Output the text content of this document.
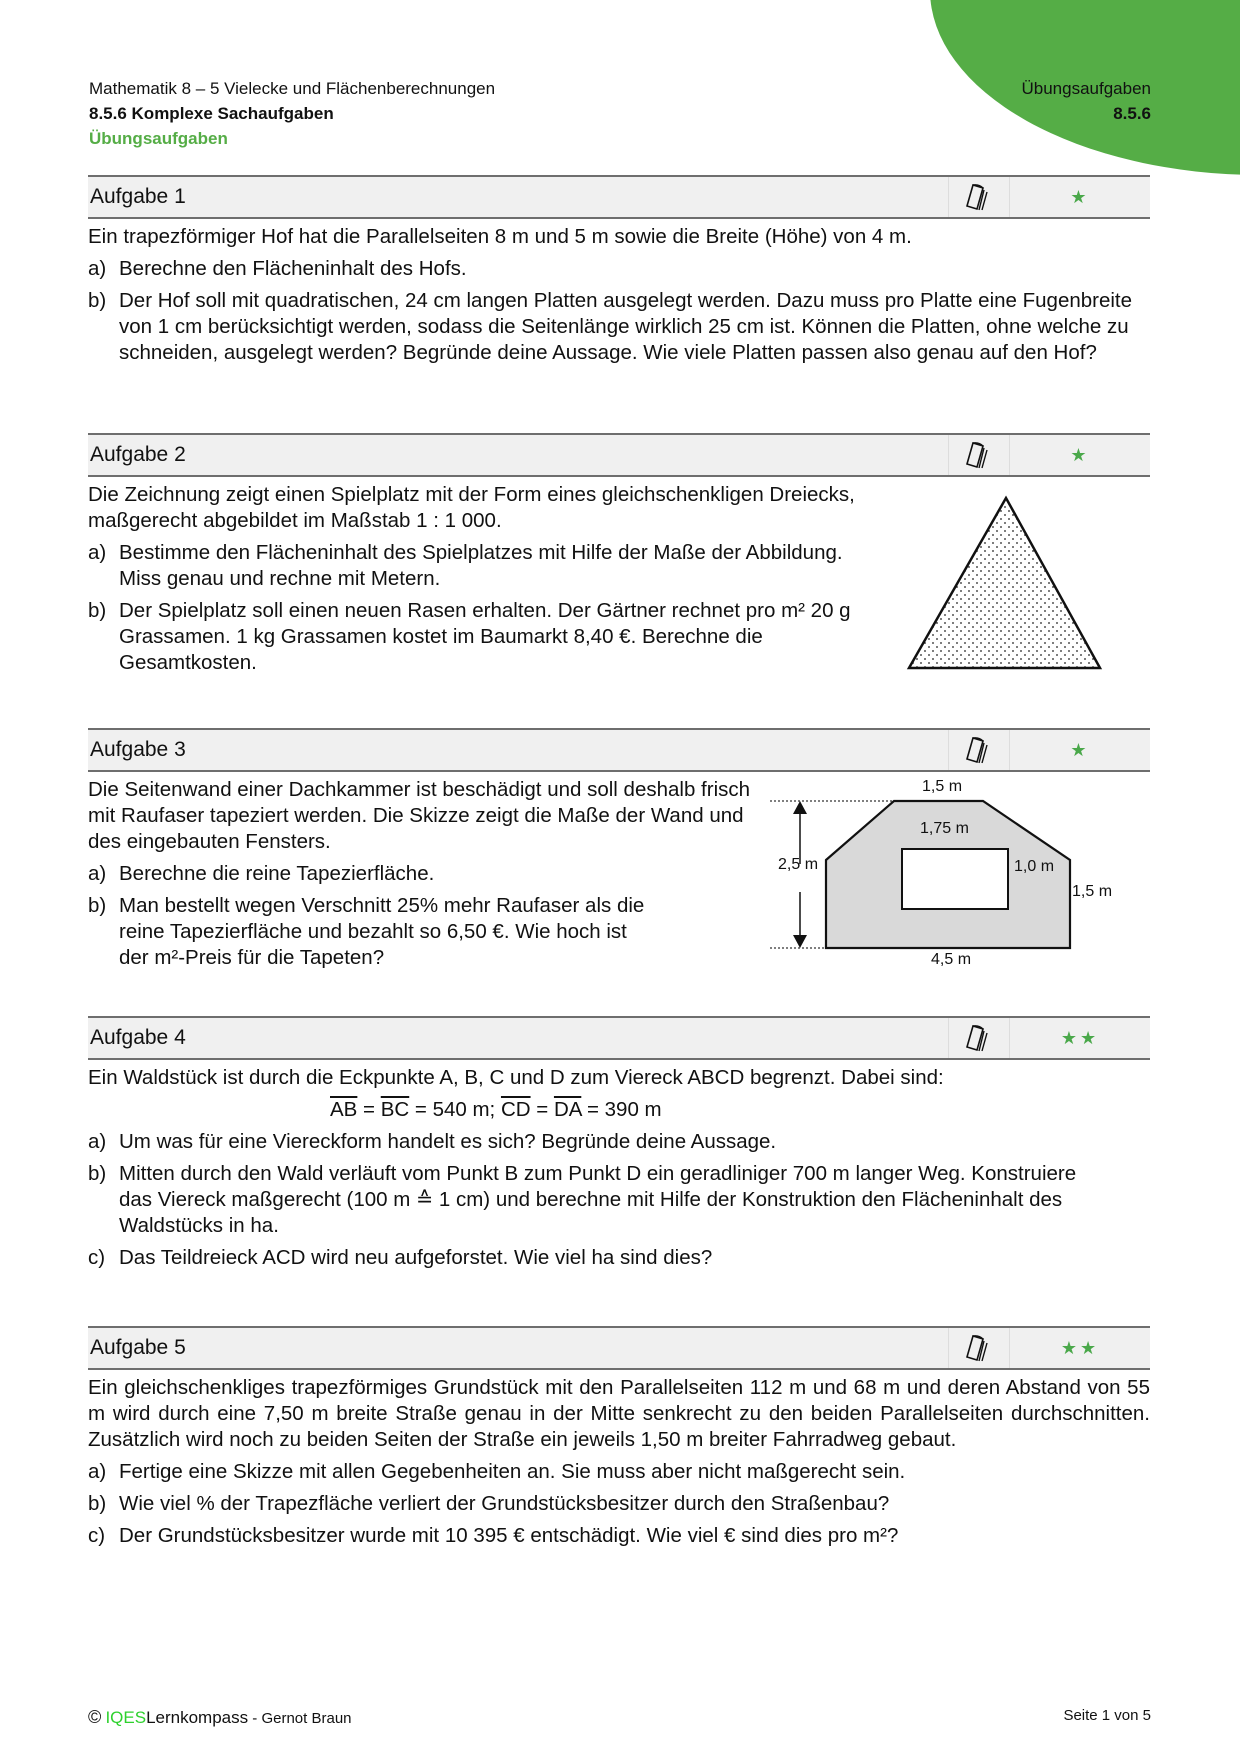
Mathematik 8 – 5 Vielecke und Flächenberechnungen
8.5.6 Komplexe Sachaufgaben
Übungsaufgaben
Übungsaufgaben
8.5.6
Aufgabe 1	★

Ein trapezförmiger Hof hat die Parallelseiten 8 m und 5 m sowie die Breite (Höhe) von 4 m.

a) Berechne den Flächeninhalt des Hofs.
b) Der Hof soll mit quadratischen, 24 cm langen Platten ausgelegt werden. Dazu muss pro Platte eine Fugenbreite von 1 cm berücksichtigt werden, sodass die Seitenlänge wirklich 25 cm ist. Können die Platten, ohne welche zu schneiden, ausgelegt werden? Begründe deine Aussage. Wie viele Platten passen also genau auf den Hof?
Aufgabe 2	★

Die Zeichnung zeigt einen Spielplatz mit der Form eines gleichschenkligen Dreiecks, maßgerecht abgebildet im Maßstab 1 : 1 000.

a) Bestimme den Flächeninhalt des Spielplatzes mit Hilfe der Maße der Abbildung. Miss genau und rechne mit Metern.
b) Der Spielplatz soll einen neuen Rasen erhalten. Der Gärtner rechnet pro m² 20 g Grassamen. 1 kg Grassamen kostet im Baumarkt 8,40 €. Berechne die Gesamtkosten.
Aufgabe 3	★

Die Seitenwand einer Dachkammer ist beschädigt und soll deshalb frisch mit Raufaser tapeziert werden. Die Skizze zeigt die Maße der Wand und des eingebauten Fensters.

a) Berechne die reine Tapezierfläche.
b) Man bestellt wegen Verschnitt 25% mehr Raufaser als die reine Tapezierfläche und bezahlt so 6,50 €. Wie hoch ist der m²-Preis für die Tapeten?
1,5 m
1,75 m
1,0 m
2,5 m
1,5 m
4,5 m
Aufgabe 4	★★

Ein Waldstück ist durch die Eckpunkte A, B, C und D zum Viereck ABCD begrenzt. Dabei sind:

$\overline{AB} = \overline{BC} = 540$ m; $\overline{CD} = \overline{DA} = 390$ m
a) Um was für eine Viereckform handelt es sich? Begründe deine Aussage.
b) Mitten durch den Wald verläuft vom Punkt B zum Punkt D ein geradliniger 700 m langer Weg. Konstruiere das Viereck maßgerecht (100 m ≙ 1 cm) und berechne mit Hilfe der Konstruktion den Flächeninhalt des Waldstücks in ha.
c) Das Teildreieck ACD wird neu aufgeforstet. Wie viel ha sind dies?
Aufgabe 5	★★

Ein gleichschenkliges trapezförmiges Grundstück mit den Parallelseiten 112 m und 68 m und deren Abstand von 55 m wird durch eine 7,50 m breite Straße genau in der Mitte senkrecht zu den beiden Parallelseiten durchschnitten. Zusätzlich wird noch zu beiden Seiten der Straße ein jeweils 1,50 m breiter Fahrradweg gebaut.

a) Fertige eine Skizze mit allen Gegebenheiten an. Sie muss aber nicht maßgerecht sein.
b) Wie viel % der Trapezfläche verliert der Grundstücksbesitzer durch den Straßenbau?
c) Der Grundstücksbesitzer wurde mit 10 395 € entschädigt. Wie viel € sind dies pro m²?
© IQESLernkompass - Gernot Braun	Seite 1 von 5
